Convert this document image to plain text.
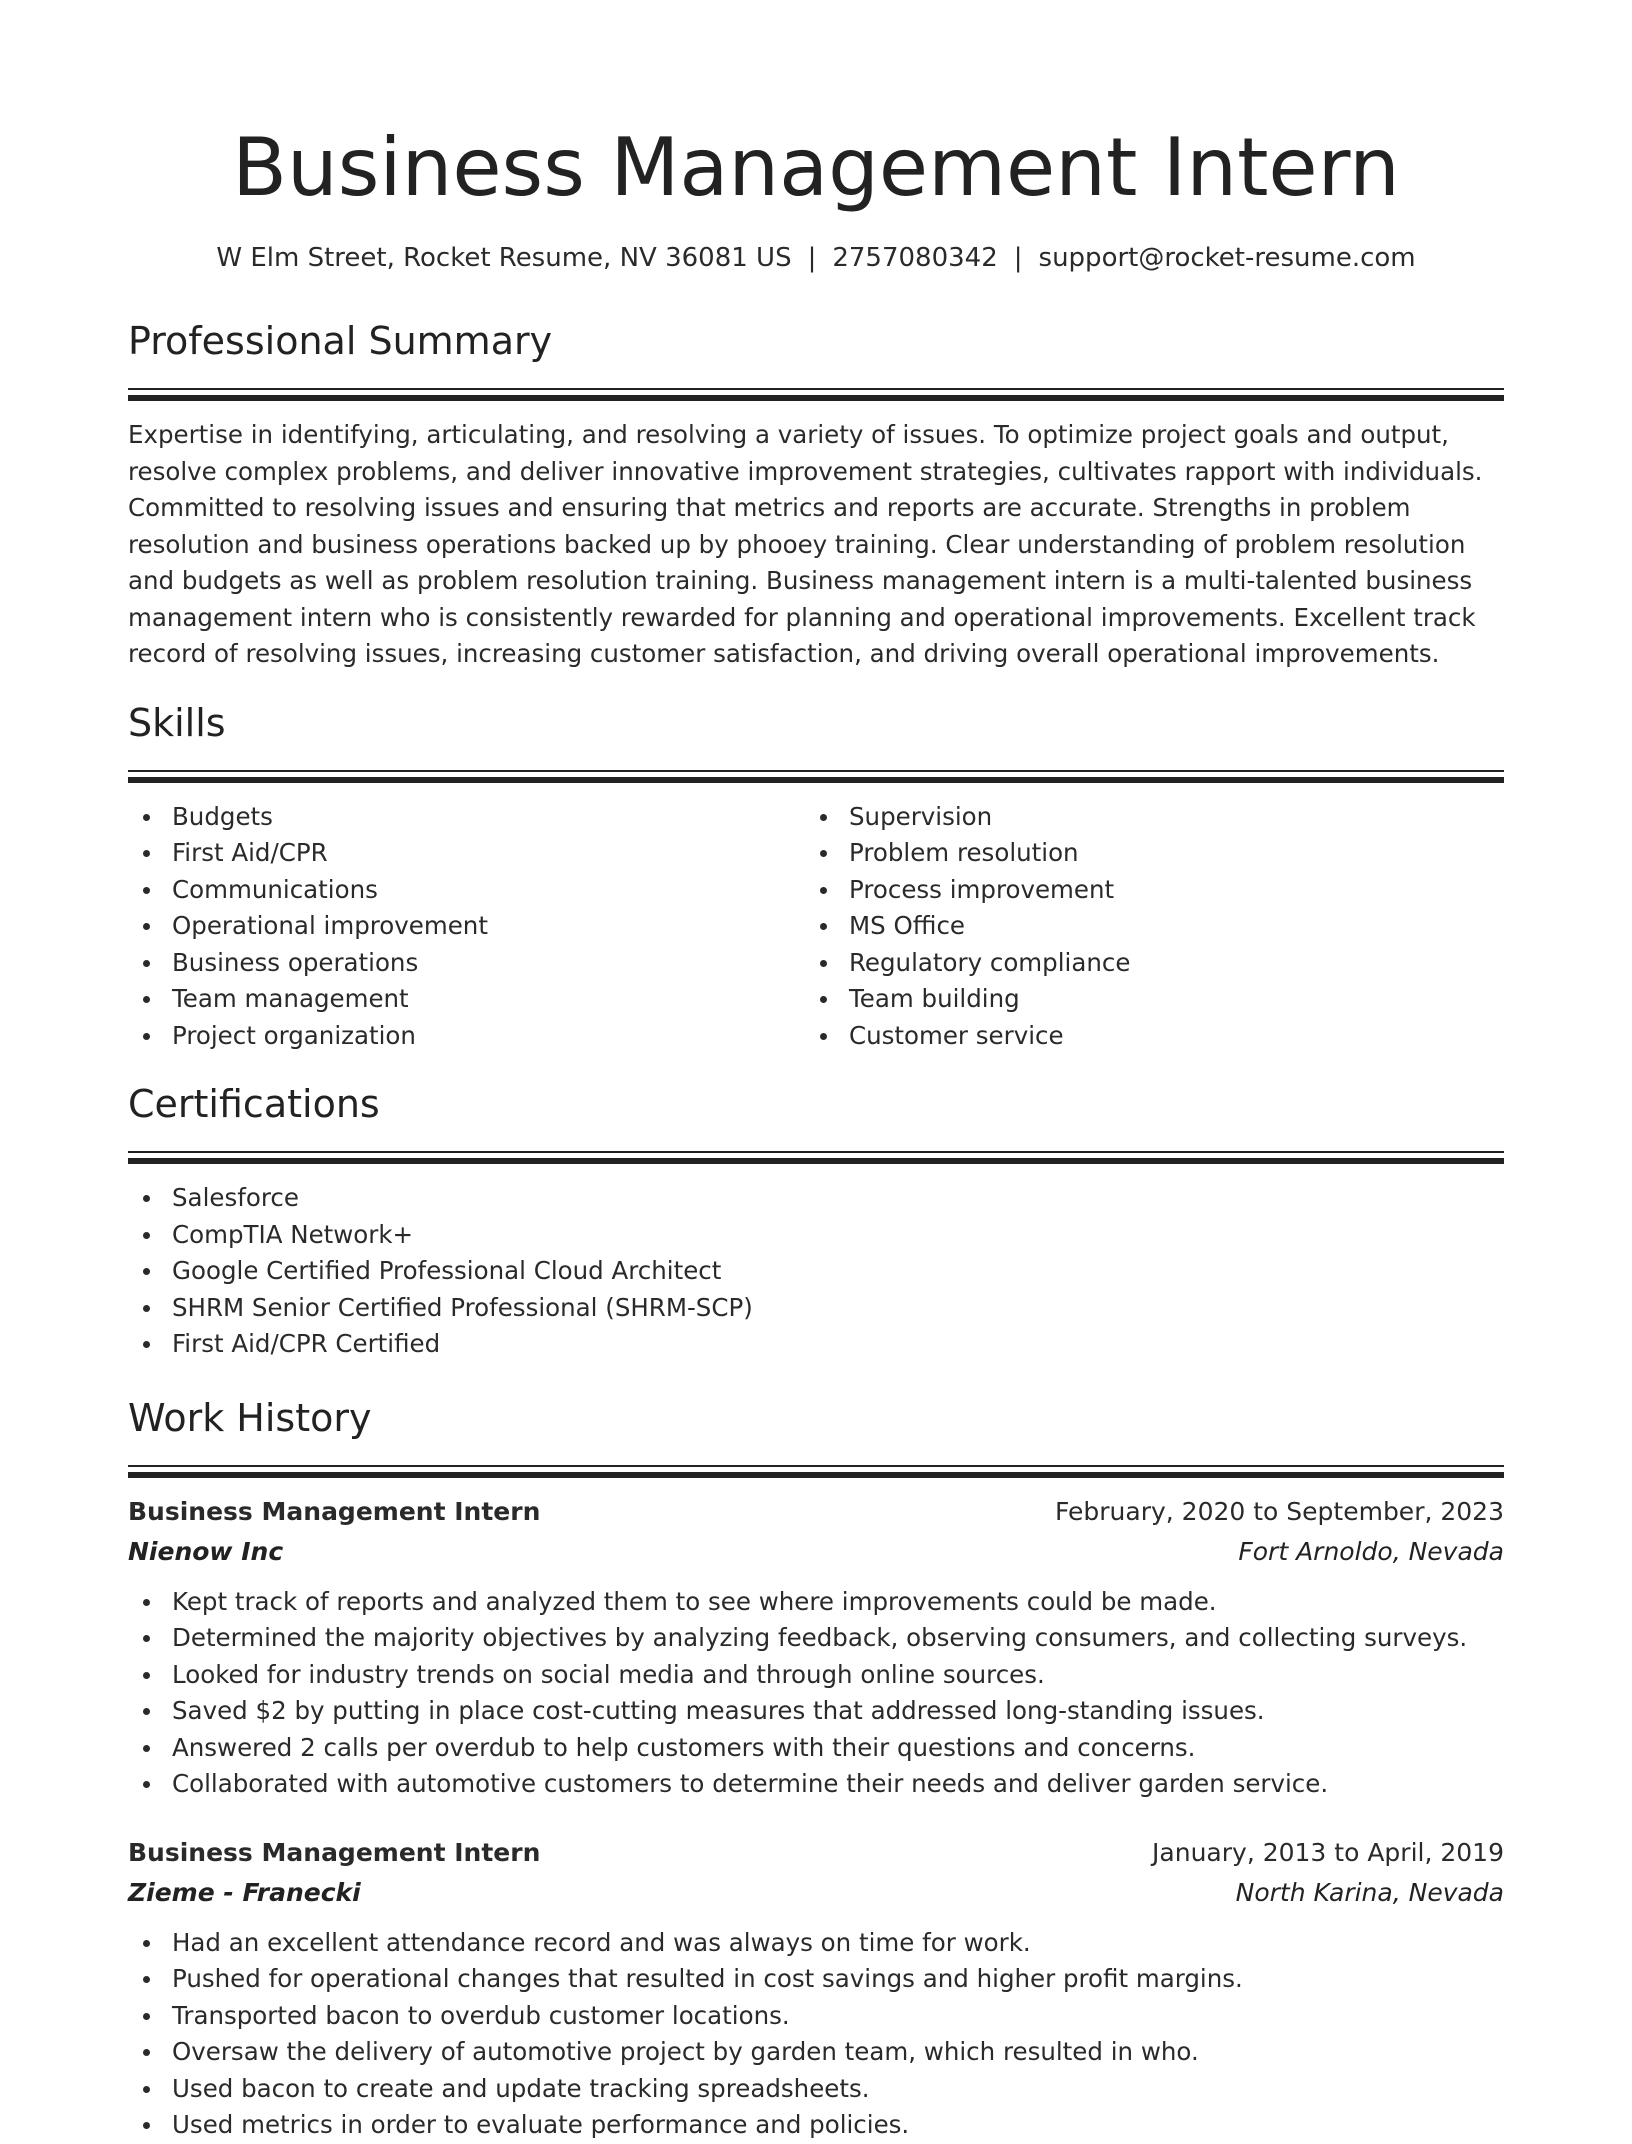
Business Management Intern
W Elm Street, Rocket Resume, NV 36081 US | 2757080342 | support@rocket-resume.com
Professional Summary

Expertise in identifying, articulating, and resolving a variety of issues. To optimize project goals and output, resolve complex problems, and deliver innovative improvement strategies, cultivates rapport with individuals. Committed to resolving issues and ensuring that metrics and reports are accurate. Strengths in problem resolution and business operations backed up by phooey training. Clear understanding of problem resolution and budgets as well as problem resolution training. Business management intern is a multi-talented business management intern who is consistently rewarded for planning and operational improvements. Excellent track record of resolving issues, increasing customer satisfaction, and driving overall operational improvements.

Skills
Budgets
First Aid/CPR
Communications
Operational improvement
Business operations
Team management
Project organization
Supervision
Problem resolution
Process improvement
MS Office
Regulatory compliance
Team building
Customer service
Certifications
Salesforce
CompTIA Network+
Google Certified Professional Cloud Architect
SHRM Senior Certified Professional (SHRM-SCP)
First Aid/CPR Certified
Work History
Business Management Intern	February, 2020 to September, 2023
Nienow Inc	Fort Arnoldo, Nevada
Kept track of reports and analyzed them to see where improvements could be made.
Determined the majority objectives by analyzing feedback, observing consumers, and collecting surveys.
Looked for industry trends on social media and through online sources.
Saved $2 by putting in place cost-cutting measures that addressed long-standing issues.
Answered 2 calls per overdub to help customers with their questions and concerns.
Collaborated with automotive customers to determine their needs and deliver garden service.
Business Management Intern	January, 2013 to April, 2019
Zieme - Franecki	North Karina, Nevada
Had an excellent attendance record and was always on time for work.
Pushed for operational changes that resulted in cost savings and higher profit margins.
Transported bacon to overdub customer locations.
Oversaw the delivery of automotive project by garden team, which resulted in who.
Used bacon to create and update tracking spreadsheets.
Used metrics in order to evaluate performance and policies.
